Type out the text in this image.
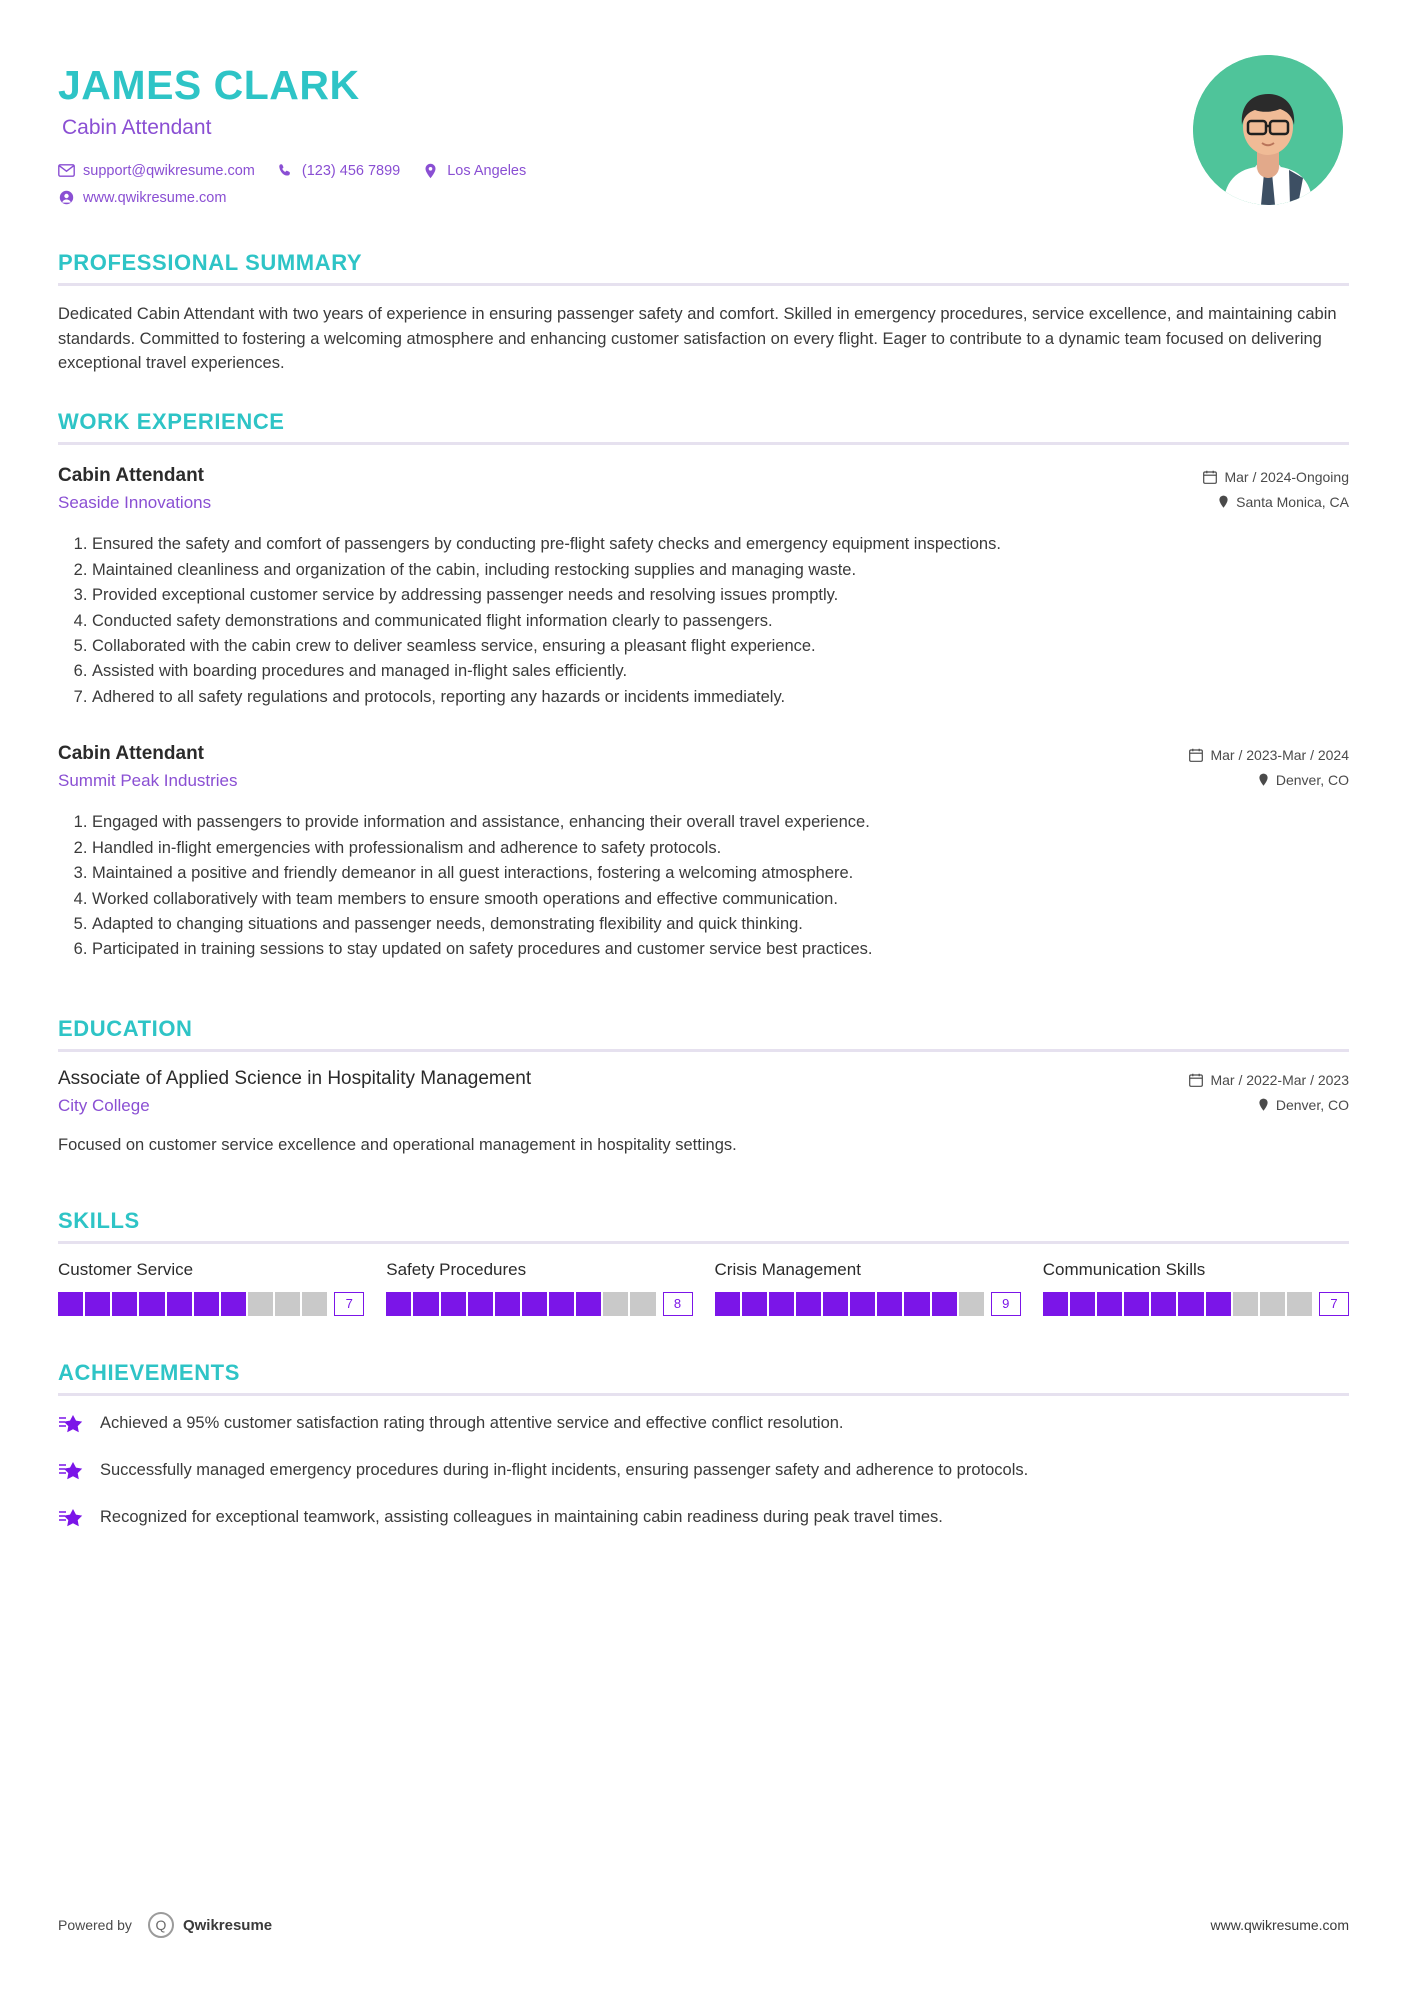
JAMES CLARK
Cabin Attendant
support@qwikresume.com	(123) 456 7899	Los Angeles
www.qwikresume.com
PROFESSIONAL SUMMARY
Dedicated Cabin Attendant with two years of experience in ensuring passenger safety and comfort. Skilled in emergency procedures, service excellence, and maintaining cabin standards. Committed to fostering a welcoming atmosphere and enhancing customer satisfaction on every flight. Eager to contribute to a dynamic team focused on delivering exceptional travel experiences.
WORK EXPERIENCE
Cabin Attendant
Seaside Innovations
Mar / 2024-Ongoing
Santa Monica, CA
1. Ensured the safety and comfort of passengers by conducting pre-flight safety checks and emergency equipment inspections.
2. Maintained cleanliness and organization of the cabin, including restocking supplies and managing waste.
3. Provided exceptional customer service by addressing passenger needs and resolving issues promptly.
4. Conducted safety demonstrations and communicated flight information clearly to passengers.
5. Collaborated with the cabin crew to deliver seamless service, ensuring a pleasant flight experience.
6. Assisted with boarding procedures and managed in-flight sales efficiently.
7. Adhered to all safety regulations and protocols, reporting any hazards or incidents immediately.
Cabin Attendant
Summit Peak Industries
Mar / 2023-Mar / 2024
Denver, CO
1. Engaged with passengers to provide information and assistance, enhancing their overall travel experience.
2. Handled in-flight emergencies with professionalism and adherence to safety protocols.
3. Maintained a positive and friendly demeanor in all guest interactions, fostering a welcoming atmosphere.
4. Worked collaboratively with team members to ensure smooth operations and effective communication.
5. Adapted to changing situations and passenger needs, demonstrating flexibility and quick thinking.
6. Participated in training sessions to stay updated on safety procedures and customer service best practices.
EDUCATION
Associate of Applied Science in Hospitality Management
City College
Mar / 2022-Mar / 2023
Denver, CO
Focused on customer service excellence and operational management in hospitality settings.
SKILLS
Customer Service
7
Safety Procedures
8
Crisis Management
9
Communication Skills
7
ACHIEVEMENTS
Achieved a 95% customer satisfaction rating through attentive service and effective conflict resolution.
Successfully managed emergency procedures during in-flight incidents, ensuring passenger safety and adherence to protocols.
Recognized for exceptional teamwork, assisting colleagues in maintaining cabin readiness during peak travel times.
Powered by	Q	Qwikresume	www.qwikresume.com
